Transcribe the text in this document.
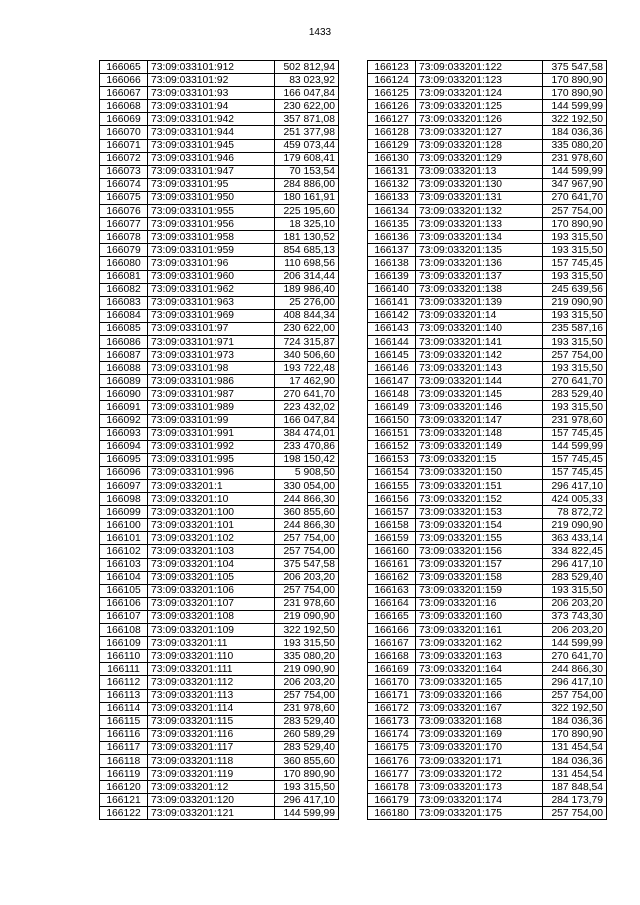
1433
166065	73:09:033101:912	502 812,94
166066	73:09:033101:92	83 023,92
166067	73:09:033101:93	166 047,84
166068	73:09:033101:94	230 622,00
166069	73:09:033101:942	357 871,08
166070	73:09:033101:944	251 377,98
166071	73:09:033101:945	459 073,44
166072	73:09:033101:946	179 608,41
166073	73:09:033101:947	70 153,54
166074	73:09:033101:95	284 886,00
166075	73:09:033101:950	180 161,91
166076	73:09:033101:955	225 195,60
166077	73:09:033101:956	18 325,10
166078	73:09:033101:958	181 130,52
166079	73:09:033101:959	854 685,13
166080	73:09:033101:96	110 698,56
166081	73:09:033101:960	206 314,44
166082	73:09:033101:962	189 986,40
166083	73:09:033101:963	25 276,00
166084	73:09:033101:969	408 844,34
166085	73:09:033101:97	230 622,00
166086	73:09:033101:971	724 315,87
166087	73:09:033101:973	340 506,60
166088	73:09:033101:98	193 722,48
166089	73:09:033101:986	17 462,90
166090	73:09:033101:987	270 641,70
166091	73:09:033101:989	223 432,02
166092	73:09:033101:99	166 047,84
166093	73:09:033101:991	384 474,01
166094	73:09:033101:992	233 470,86
166095	73:09:033101:995	198 150,42
166096	73:09:033101:996	5 908,50
166097	73:09:033201:1	330 054,00
166098	73:09:033201:10	244 866,30
166099	73:09:033201:100	360 855,60
166100	73:09:033201:101	244 866,30
166101	73:09:033201:102	257 754,00
166102	73:09:033201:103	257 754,00
166103	73:09:033201:104	375 547,58
166104	73:09:033201:105	206 203,20
166105	73:09:033201:106	257 754,00
166106	73:09:033201:107	231 978,60
166107	73:09:033201:108	219 090,90
166108	73:09:033201:109	322 192,50
166109	73:09:033201:11	193 315,50
166110	73:09:033201:110	335 080,20
166111	73:09:033201:111	219 090,90
166112	73:09:033201:112	206 203,20
166113	73:09:033201:113	257 754,00
166114	73:09:033201:114	231 978,60
166115	73:09:033201:115	283 529,40
166116	73:09:033201:116	260 589,29
166117	73:09:033201:117	283 529,40
166118	73:09:033201:118	360 855,60
166119	73:09:033201:119	170 890,90
166120	73:09:033201:12	193 315,50
166121	73:09:033201:120	296 417,10
166122	73:09:033201:121	144 599,99
166123	73:09:033201:122	375 547,58
166124	73:09:033201:123	170 890,90
166125	73:09:033201:124	170 890,90
166126	73:09:033201:125	144 599,99
166127	73:09:033201:126	322 192,50
166128	73:09:033201:127	184 036,36
166129	73:09:033201:128	335 080,20
166130	73:09:033201:129	231 978,60
166131	73:09:033201:13	144 599,99
166132	73:09:033201:130	347 967,90
166133	73:09:033201:131	270 641,70
166134	73:09:033201:132	257 754,00
166135	73:09:033201:133	170 890,90
166136	73:09:033201:134	193 315,50
166137	73:09:033201:135	193 315,50
166138	73:09:033201:136	157 745,45
166139	73:09:033201:137	193 315,50
166140	73:09:033201:138	245 639,56
166141	73:09:033201:139	219 090,90
166142	73:09:033201:14	193 315,50
166143	73:09:033201:140	235 587,16
166144	73:09:033201:141	193 315,50
166145	73:09:033201:142	257 754,00
166146	73:09:033201:143	193 315,50
166147	73:09:033201:144	270 641,70
166148	73:09:033201:145	283 529,40
166149	73:09:033201:146	193 315,50
166150	73:09:033201:147	231 978,60
166151	73:09:033201:148	157 745,45
166152	73:09:033201:149	144 599,99
166153	73:09:033201:15	157 745,45
166154	73:09:033201:150	157 745,45
166155	73:09:033201:151	296 417,10
166156	73:09:033201:152	424 005,33
166157	73:09:033201:153	78 872,72
166158	73:09:033201:154	219 090,90
166159	73:09:033201:155	363 433,14
166160	73:09:033201:156	334 822,45
166161	73:09:033201:157	296 417,10
166162	73:09:033201:158	283 529,40
166163	73:09:033201:159	193 315,50
166164	73:09:033201:16	206 203,20
166165	73:09:033201:160	373 743,30
166166	73:09:033201:161	206 203,20
166167	73:09:033201:162	144 599,99
166168	73:09:033201:163	270 641,70
166169	73:09:033201:164	244 866,30
166170	73:09:033201:165	296 417,10
166171	73:09:033201:166	257 754,00
166172	73:09:033201:167	322 192,50
166173	73:09:033201:168	184 036,36
166174	73:09:033201:169	170 890,90
166175	73:09:033201:170	131 454,54
166176	73:09:033201:171	184 036,36
166177	73:09:033201:172	131 454,54
166178	73:09:033201:173	187 848,54
166179	73:09:033201:174	284 173,79
166180	73:09:033201:175	257 754,00
